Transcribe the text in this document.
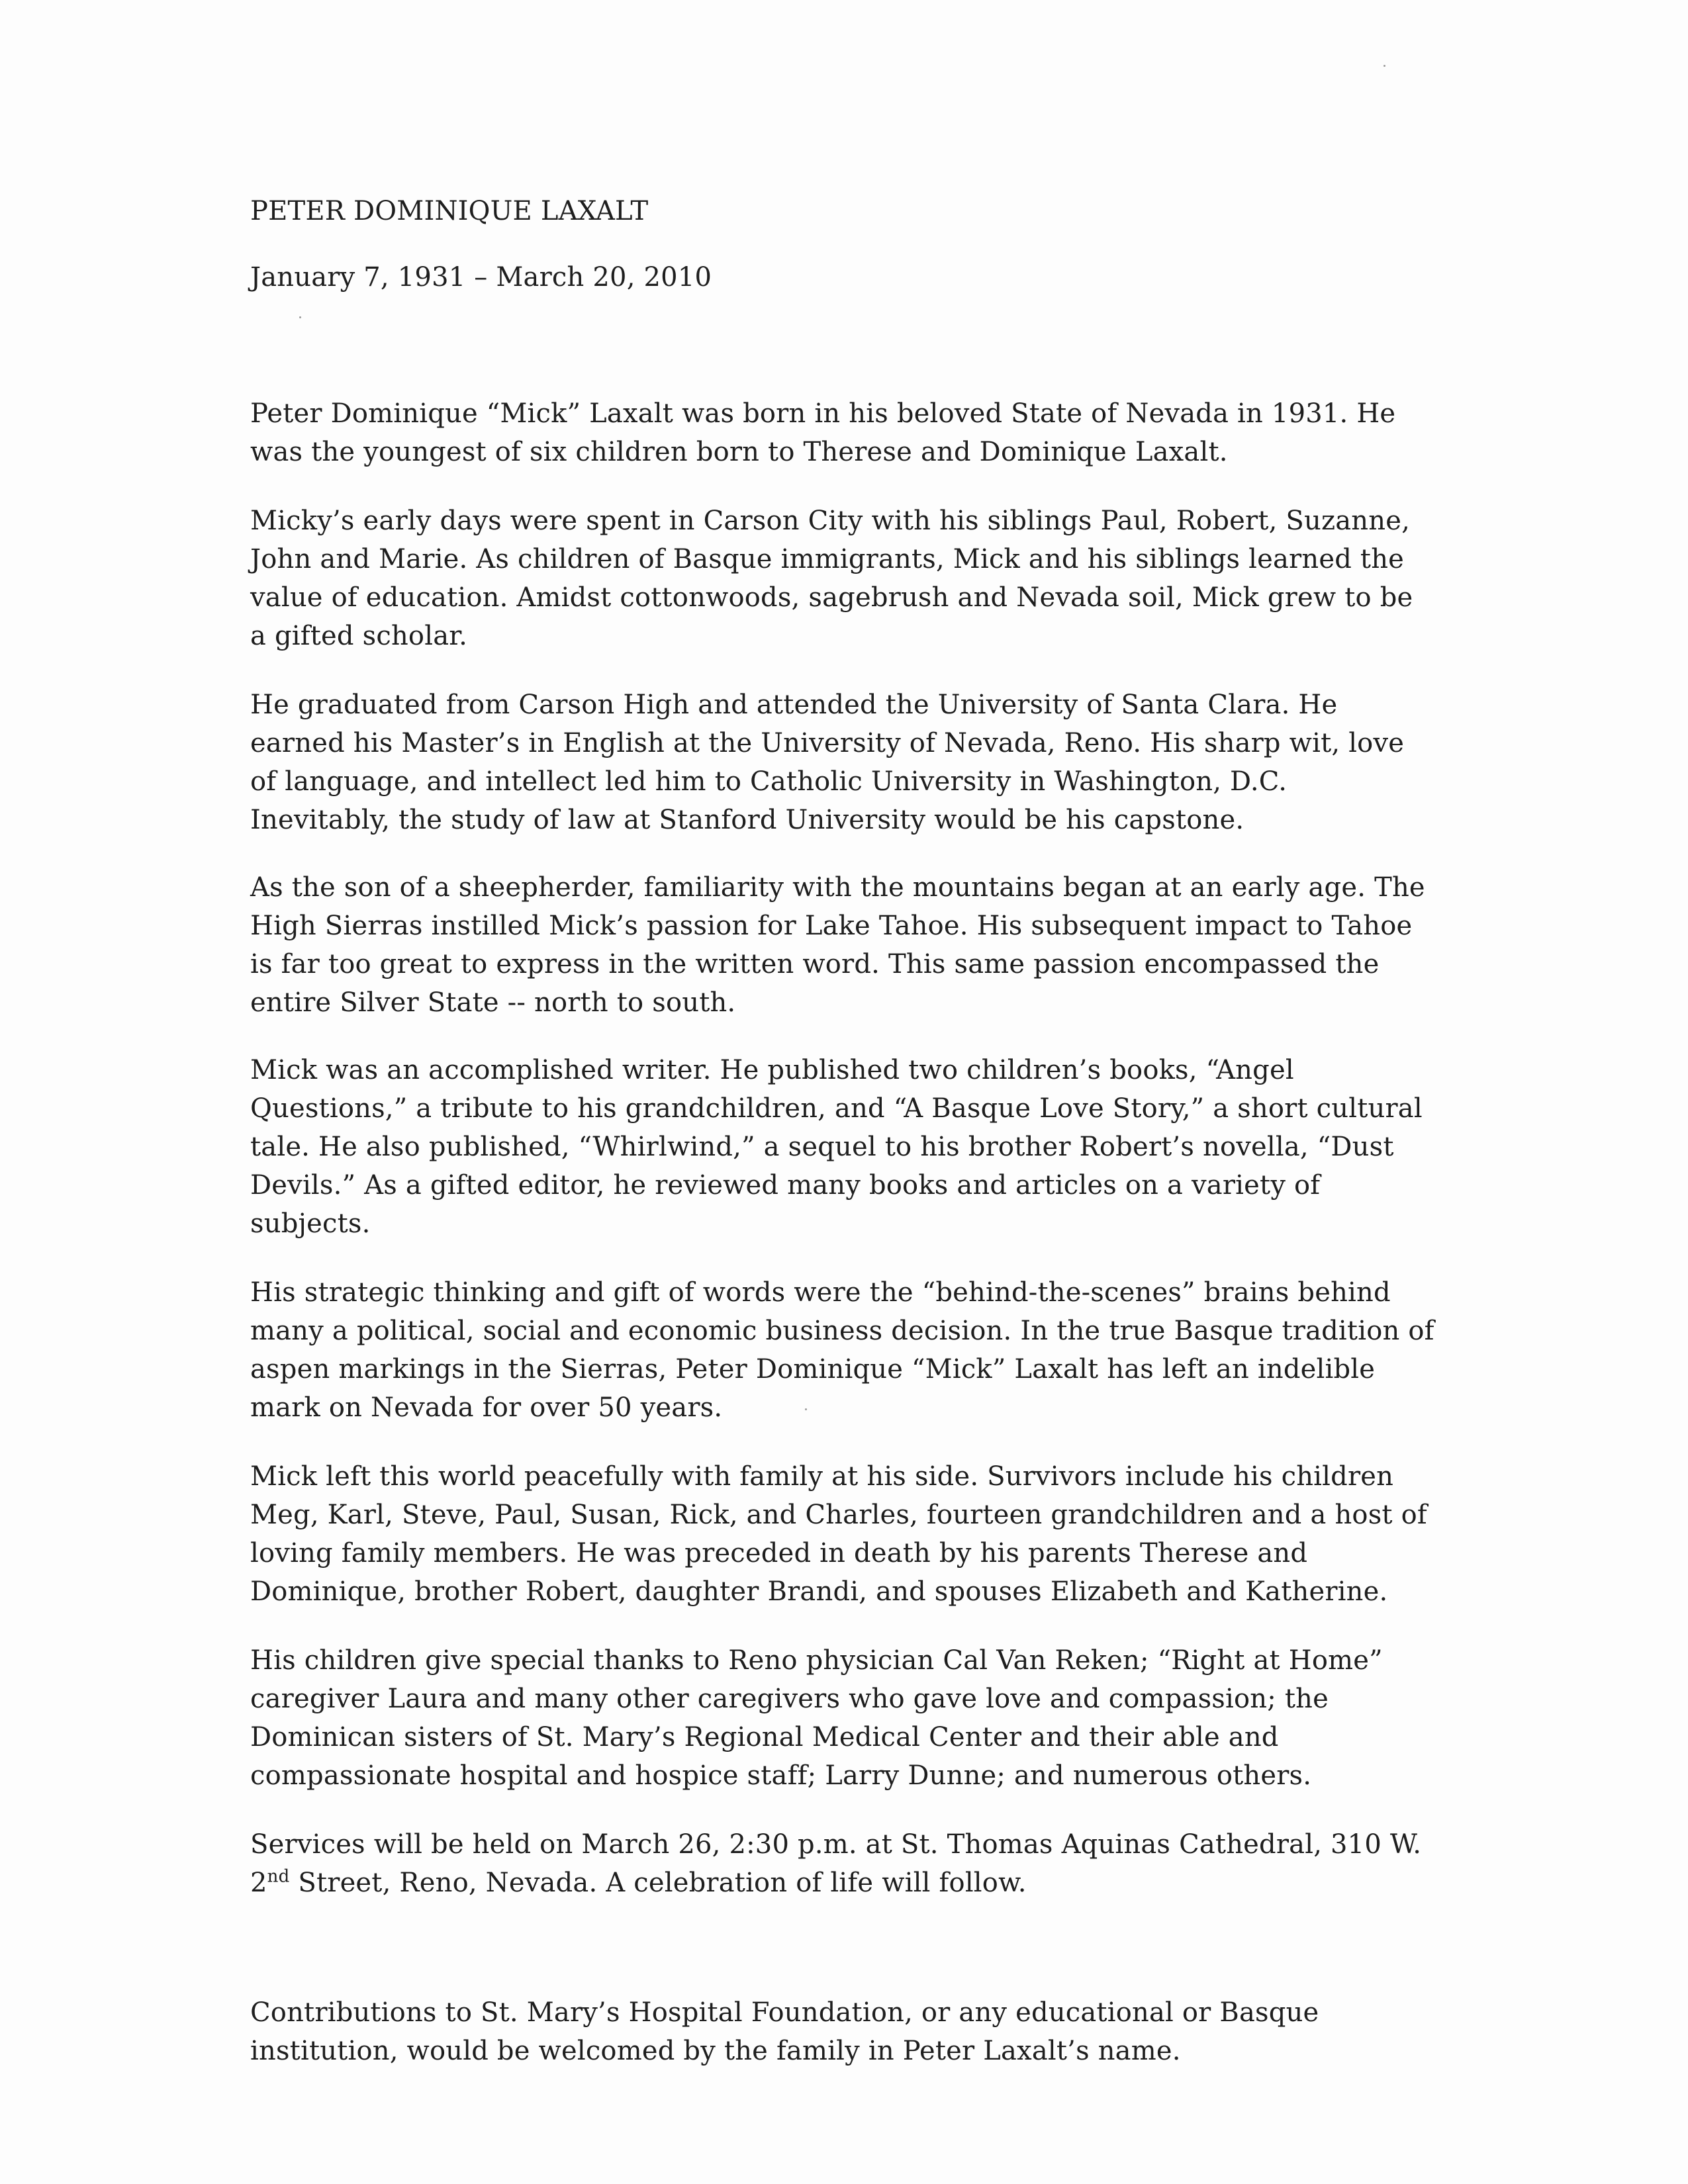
PETER DOMINIQUE LAXALT

January 7, 1931 – March 20, 2010

Peter Dominique “Mick” Laxalt was born in his beloved State of Nevada in 1931. He was the youngest of six children born to Therese and Dominique Laxalt.

Micky’s early days were spent in Carson City with his siblings Paul, Robert, Suzanne, John and Marie. As children of Basque immigrants, Mick and his siblings learned the value of education. Amidst cottonwoods, sagebrush and Nevada soil, Mick grew to be a gifted scholar.

He graduated from Carson High and attended the University of Santa Clara. He earned his Master’s in English at the University of Nevada, Reno. His sharp wit, love of language, and intellect led him to Catholic University in Washington, D.C. Inevitably, the study of law at Stanford University would be his capstone.

As the son of a sheepherder, familiarity with the mountains began at an early age. The High Sierras instilled Mick’s passion for Lake Tahoe. His subsequent impact to Tahoe is far too great to express in the written word. This same passion encompassed the entire Silver State -- north to south.

Mick was an accomplished writer. He published two children’s books, “Angel Questions,” a tribute to his grandchildren, and “A Basque Love Story,” a short cultural tale. He also published, “Whirlwind,” a sequel to his brother Robert’s novella, “Dust Devils.” As a gifted editor, he reviewed many books and articles on a variety of subjects.

His strategic thinking and gift of words were the “behind-the-scenes” brains behind many a political, social and economic business decision. In the true Basque tradition of aspen markings in the Sierras, Peter Dominique “Mick” Laxalt has left an indelible mark on Nevada for over 50 years.

Mick left this world peacefully with family at his side. Survivors include his children Meg, Karl, Steve, Paul, Susan, Rick, and Charles, fourteen grandchildren and a host of loving family members. He was preceded in death by his parents Therese and Dominique, brother Robert, daughter Brandi, and spouses Elizabeth and Katherine.

His children give special thanks to Reno physician Cal Van Reken; “Right at Home” caregiver Laura and many other caregivers who gave love and compassion; the Dominican sisters of St. Mary’s Regional Medical Center and their able and compassionate hospital and hospice staff; Larry Dunne; and numerous others.

Services will be held on March 26, 2:30 p.m. at St. Thomas Aquinas Cathedral, 310 W. 2nd Street, Reno, Nevada. A celebration of life will follow.

Contributions to St. Mary’s Hospital Foundation, or any educational or Basque institution, would be welcomed by the family in Peter Laxalt’s name.
